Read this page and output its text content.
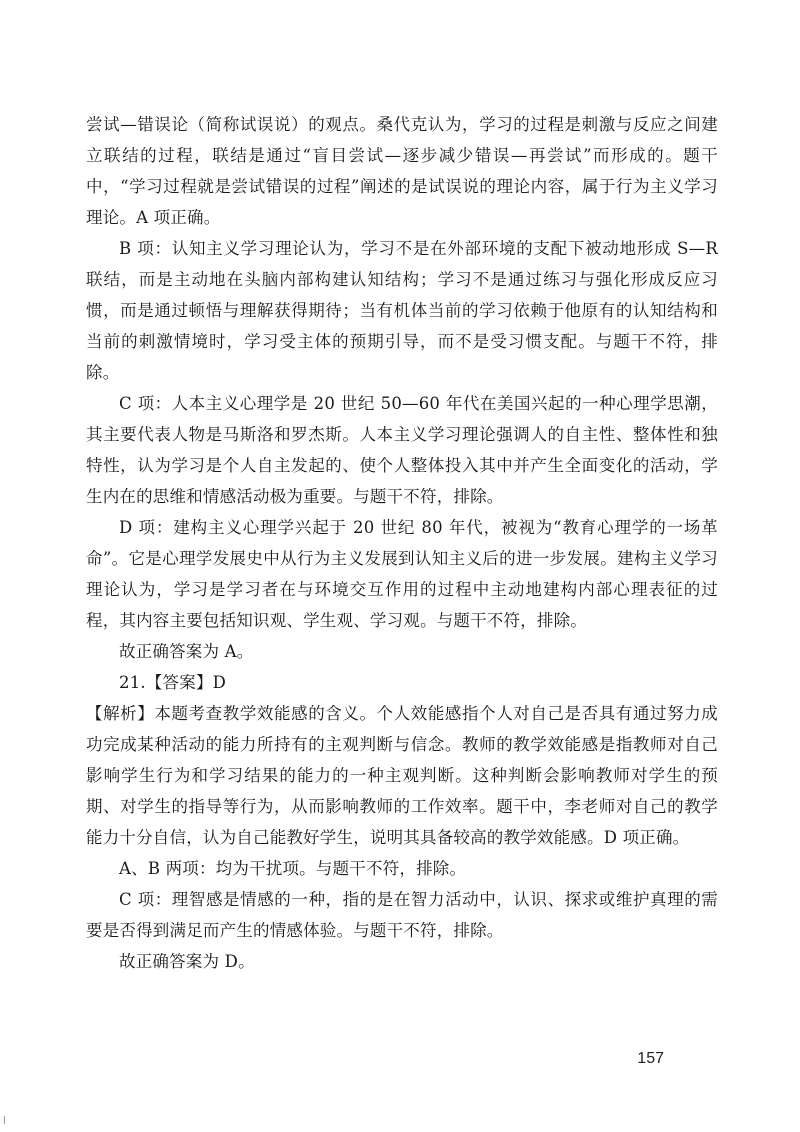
尝试—错误论（简称试误说）的观点。桑代克认为，学习的过程是刺激与反应之间建立联结的过程，联结是通过“盲目尝试—逐步减少错误—再尝试”而形成的。题干中，“学习过程就是尝试错误的过程”阐述的是试误说的理论内容，属于行为主义学习理论。A 项正确。

B 项：认知主义学习理论认为，学习不是在外部环境的支配下被动地形成 S—R 联结，而是主动地在头脑内部构建认知结构；学习不是通过练习与强化形成反应习惯，而是通过顿悟与理解获得期待；当有机体当前的学习依赖于他原有的认知结构和当前的刺激情境时，学习受主体的预期引导，而不是受习惯支配。与题干不符，排除。

C 项：人本主义心理学是 20 世纪 50—60 年代在美国兴起的一种心理学思潮，其主要代表人物是马斯洛和罗杰斯。人本主义学习理论强调人的自主性、整体性和独特性，认为学习是个人自主发起的、使个人整体投入其中并产生全面变化的活动，学生内在的思维和情感活动极为重要。与题干不符，排除。

D 项：建构主义心理学兴起于 20 世纪 80 年代，被视为“教育心理学的一场革命”。它是心理学发展史中从行为主义发展到认知主义后的进一步发展。建构主义学习理论认为，学习是学习者在与环境交互作用的过程中主动地建构内部心理表征的过程，其内容主要包括知识观、学生观、学习观。与题干不符，排除。

故正确答案为 A。

21.【答案】D

【解析】本题考查教学效能感的含义。个人效能感指个人对自己是否具有通过努力成功完成某种活动的能力所持有的主观判断与信念。教师的教学效能感是指教师对自己影响学生行为和学习结果的能力的一种主观判断。这种判断会影响教师对学生的预期、对学生的指导等行为，从而影响教师的工作效率。题干中，李老师对自己的教学能力十分自信，认为自己能教好学生，说明其具备较高的教学效能感。D 项正确。

A、B 两项：均为干扰项。与题干不符，排除。

C 项：理智感是情感的一种，指的是在智力活动中，认识、探求或维护真理的需要是否得到满足而产生的情感体验。与题干不符，排除。

故正确答案为 D。

157
